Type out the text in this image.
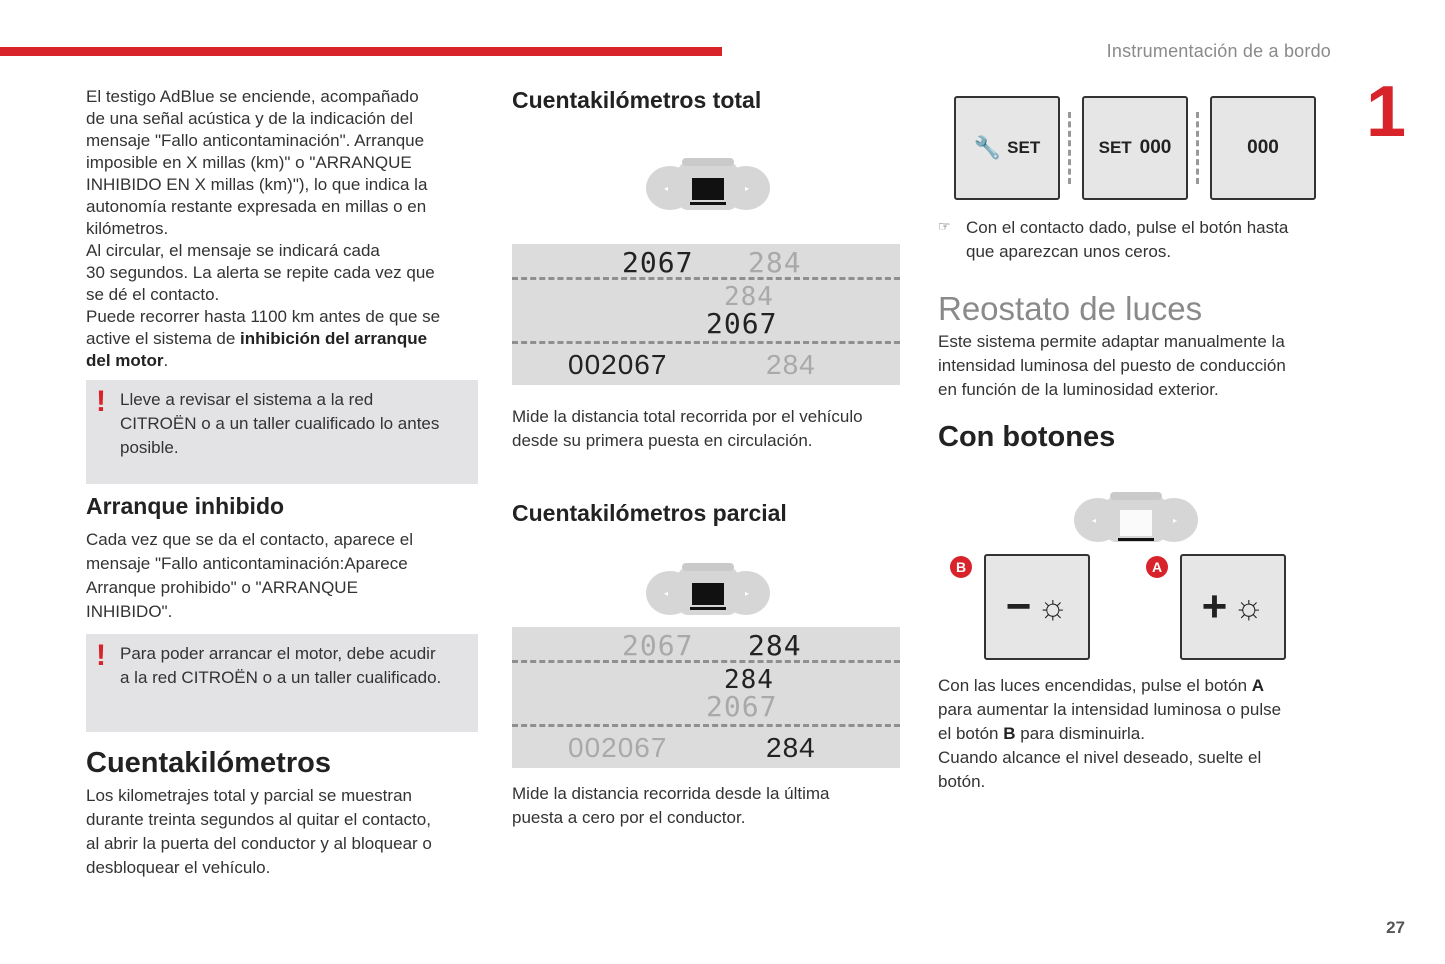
Instrumentación de a bordo
1
27

El testigo AdBlue se enciende, acompañado
de una señal acústica y de la indicación del
mensaje "Fallo anticontaminación". Arranque
imposible en X millas (km)" o "ARRANQUE
INHIBIDO EN X millas (km)"), lo que indica la
autonomía restante expresada en millas o en
kilómetros.
Al circular, el mensaje se indicará cada
30 segundos. La alerta se repite cada vez que
se dé el contacto.
Puede recorrer hasta 1100 km antes de que se
active el sistema de inhibición del arranque
del motor.

! Lleve a revisar el sistema a la red
CITROËN o a un taller cualificado lo antes
posible.

Arranque inhibido

Cada vez que se da el contacto, aparece el
mensaje "Fallo anticontaminación:Aparece
Arranque prohibido" o "ARRANQUE
INHIBIDO".

! Para poder arrancar el motor, debe acudir
a la red CITROËN o a un taller cualificado.

Cuentakilómetros

Los kilometrajes total y parcial se muestran
durante treinta segundos al quitar el contacto,
al abrir la puerta del conductor y al bloquear o
desbloquear el vehículo.

Cuentakilómetros total
◂	▸
2067 284
284
2067
002067	284

Mide la distancia total recorrida por el vehículo
desde su primera puesta en circulación.

Cuentakilómetros parcial
◂	▸
2067 284
284
2067
002067	284

Mide la distancia recorrida desde la última
puesta a cero por el conductor.

🔧 SET	SET 000	000
☞ Con el contacto dado, pulse el botón hasta
que aparezcan unos ceros.

Reostato de luces

Este sistema permite adaptar manualmente la
intensidad luminosa del puesto de conducción
en función de la luminosidad exterior.

Con botones
◂	▸
B
− ☼
A
+ ☼

Con las luces encendidas, pulse el botón A
para aumentar la intensidad luminosa o pulse
el botón B para disminuirla.
Cuando alcance el nivel deseado, suelte el
botón.
